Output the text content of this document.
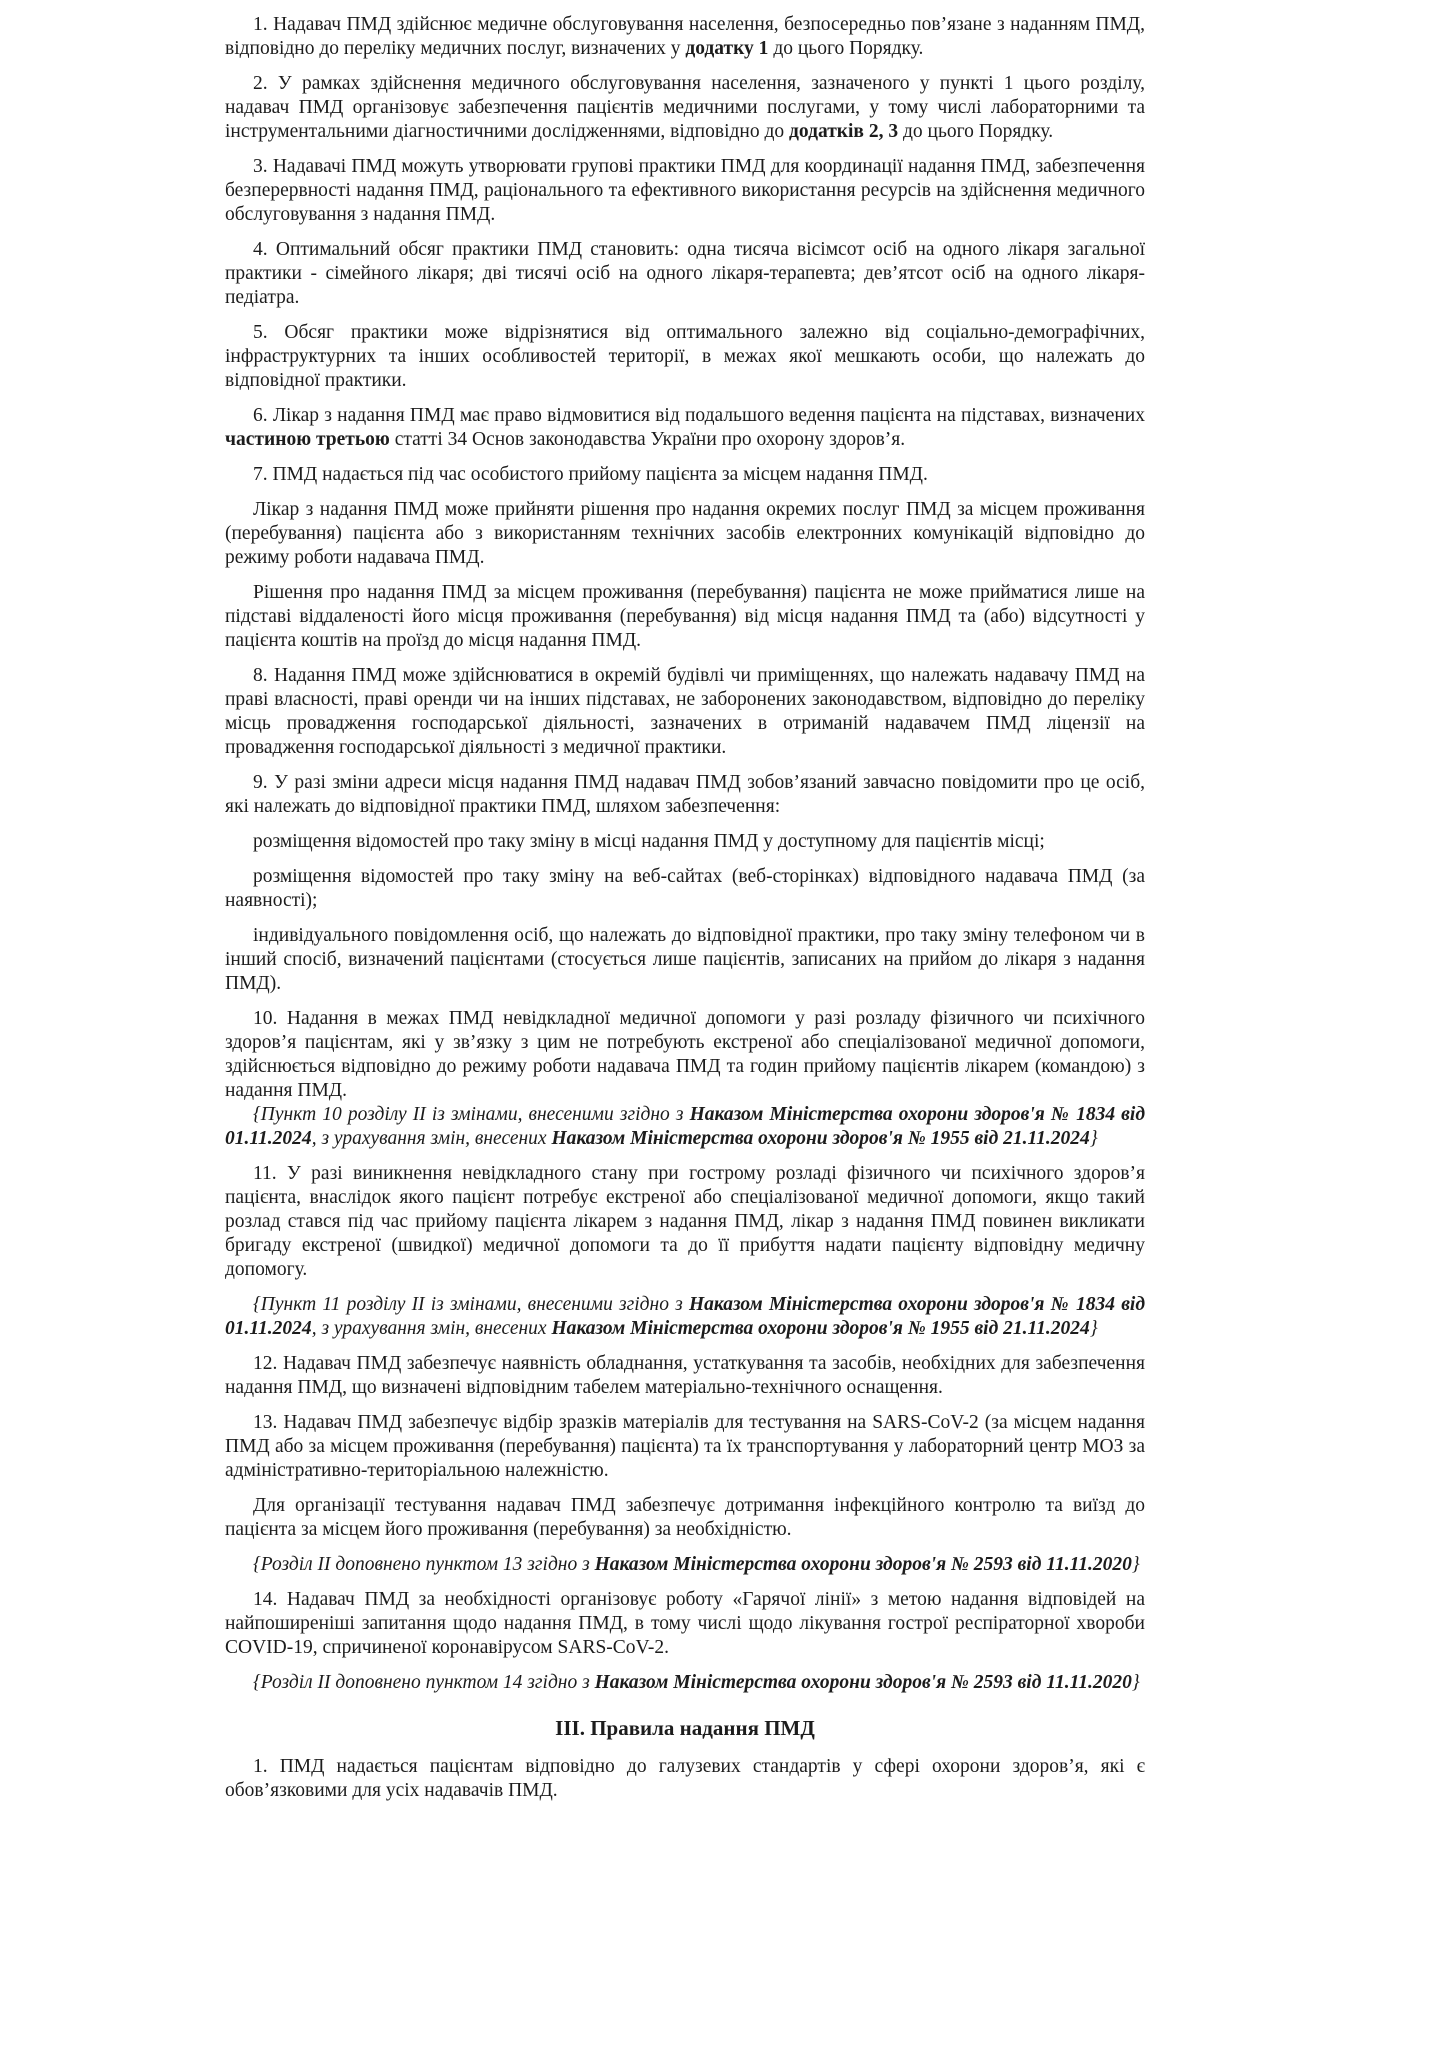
1. Надавач ПМД здійснює медичне обслуговування населення, безпосередньо пов’язане з наданням ПМД, відповідно до переліку медичних послуг, визначених у додатку 1 до цього Порядку.

2. У рамках здійснення медичного обслуговування населення, зазначеного у пункті 1 цього розділу, надавач ПМД організовує забезпечення пацієнтів медичними послугами, у тому числі лабораторними та інструментальними діагностичними дослідженнями, відповідно до додатків 2, 3 до цього Порядку.

3. Надавачі ПМД можуть утворювати групові практики ПМД для координації надання ПМД, забезпечення безперервності надання ПМД, раціонального та ефективного використання ресурсів на здійснення медичного обслуговування з надання ПМД.

4. Оптимальний обсяг практики ПМД становить: одна тисяча вісімсот осіб на одного лікаря загальної практики - сімейного лікаря; дві тисячі осіб на одного лікаря-терапевта; дев’ятсот осіб на одного лікаря-педіатра.

5. Обсяг практики може відрізнятися від оптимального залежно від соціально-демографічних, інфраструктурних та інших особливостей території, в межах якої мешкають особи, що належать до відповідної практики.

6. Лікар з надання ПМД має право відмовитися від подальшого ведення пацієнта на підставах, визначених частиною третьою статті 34 Основ законодавства України про охорону здоров’я.

7. ПМД надається під час особистого прийому пацієнта за місцем надання ПМД.

Лікар з надання ПМД може прийняти рішення про надання окремих послуг ПМД за місцем проживання (перебування) пацієнта або з використанням технічних засобів електронних комунікацій відповідно до режиму роботи надавача ПМД.

Рішення про надання ПМД за місцем проживання (перебування) пацієнта не може прийматися лише на підставі віддаленості його місця проживання (перебування) від місця надання ПМД та (або) відсутності у пацієнта коштів на проїзд до місця надання ПМД.

8. Надання ПМД може здійснюватися в окремій будівлі чи приміщеннях, що належать надавачу ПМД на праві власності, праві оренди чи на інших підставах, не заборонених законодавством, відповідно до переліку місць провадження господарської діяльності, зазначених в отриманій надавачем ПМД ліцензії на провадження господарської діяльності з медичної практики.

9. У разі зміни адреси місця надання ПМД надавач ПМД зобов’язаний завчасно повідомити про це осіб, які належать до відповідної практики ПМД, шляхом забезпечення:

розміщення відомостей про таку зміну в місці надання ПМД у доступному для пацієнтів місці;

розміщення відомостей про таку зміну на веб-сайтах (веб-сторінках) відповідного надавача ПМД (за наявності);

індивідуального повідомлення осіб, що належать до відповідної практики, про таку зміну телефоном чи в інший спосіб, визначений пацієнтами (стосується лише пацієнтів, записаних на прийом до лікаря з надання ПМД).

10. Надання в межах ПМД невідкладної медичної допомоги у разі розладу фізичного чи психічного здоров’я пацієнтам, які у зв’язку з цим не потребують екстреної або спеціалізованої медичної допомоги, здійснюється відповідно до режиму роботи надавача ПМД та годин прийому пацієнтів лікарем (командою) з надання ПМД.

{Пункт 10 розділу II із змінами, внесеними згідно з Наказом Міністерства охорони здоров'я № 1834 від 01.11.2024, з урахування змін, внесених Наказом Міністерства охорони здоров'я № 1955 від 21.11.2024}

11. У разі виникнення невідкладного стану при гострому розладі фізичного чи психічного здоров’я пацієнта, внаслідок якого пацієнт потребує екстреної або спеціалізованої медичної допомоги, якщо такий розлад стався під час прийому пацієнта лікарем з надання ПМД, лікар з надання ПМД повинен викликати бригаду екстреної (швидкої) медичної допомоги та до її прибуття надати пацієнту відповідну медичну допомогу.

{Пункт 11 розділу II із змінами, внесеними згідно з Наказом Міністерства охорони здоров'я № 1834 від 01.11.2024, з урахування змін, внесених Наказом Міністерства охорони здоров'я № 1955 від 21.11.2024}

12. Надавач ПМД забезпечує наявність обладнання, устаткування та засобів, необхідних для забезпечення надання ПМД, що визначені відповідним табелем матеріально-технічного оснащення.

13. Надавач ПМД забезпечує відбір зразків матеріалів для тестування на SARS-CoV-2 (за місцем надання ПМД або за місцем проживання (перебування) пацієнта) та їх транспортування у лабораторний центр МОЗ за адміністративно-територіальною належністю.

Для організації тестування надавач ПМД забезпечує дотримання інфекційного контролю та виїзд до пацієнта за місцем його проживання (перебування) за необхідністю.

{Розділ II доповнено пунктом 13 згідно з Наказом Міністерства охорони здоров'я № 2593 від 11.11.2020}

14. Надавач ПМД за необхідності організовує роботу «Гарячої лінії» з метою надання відповідей на найпоширеніші запитання щодо надання ПМД, в тому числі щодо лікування гострої респіраторної хвороби COVID-19, спричиненої коронавірусом SARS-CoV-2.

{Розділ II доповнено пунктом 14 згідно з Наказом Міністерства охорони здоров'я № 2593 від 11.11.2020}

III. Правила надання ПМД

1. ПМД надається пацієнтам відповідно до галузевих стандартів у сфері охорони здоров’я, які є обов’язковими для усіх надавачів ПМД.
